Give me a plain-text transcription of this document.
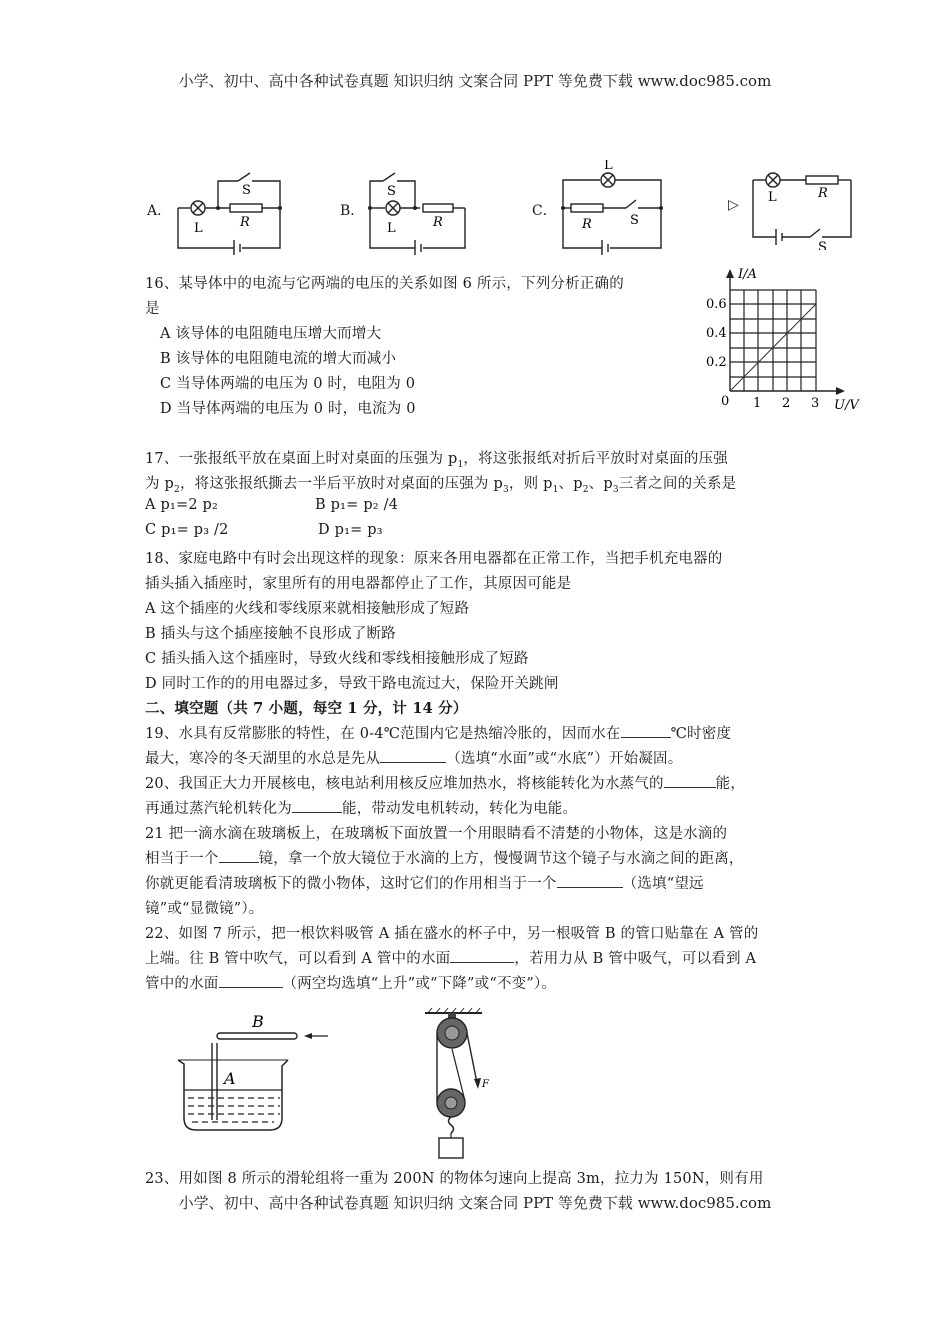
小学、初中、高中各种试卷真题 知识归纳 文案合同 PPT 等免费下载 www.doc985.com
A．
L	R
S
B．
L	R
S
C．
L
R	S
▷ L	R
S
16、某导体中的电流与它两端的电压的关系如图 6 所示，下列分析正确的
是
A 该导体的电阻随电压增大而增大
B 该导体的电阻随电流的增大而减小
C 当导体两端的电压为 0 时，电阻为 0
D 当导体两端的电压为 0 时，电流为 0
I/A
0.6
0.4
0.2
0 1 2 3 U/V
17、一张报纸平放在桌面上时对桌面的压强为 $p_1$，将这张报纸对折后平放时对桌面的压强
为 $p_2$，将这张报纸撕去一半后平放时对桌面的压强为 $p_3$，则 $p_1$、$p_2$、$p_3$三者之间的关系是
A p₁=2 p₂	B p₁= p₂ /4
C p₁= p₃ /2	D p₁= p₃
18、家庭电路中有时会出现这样的现象：原来各用电器都在正常工作，当把手机充电器的
插头插入插座时，家里所有的用电器都停止了工作，其原因可能是
A 这个插座的火线和零线原来就相接触形成了短路
B 插头与这个插座接触不良形成了断路
C 插头插入这个插座时，导致火线和零线相接触形成了短路
D 同时工作的的用电器过多，导致干路电流过大，保险开关跳闸
二、填空题（共 7 小题，每空 1 分，计 14 分）
19、水具有反常膨胀的特性，在 0-4℃范围内它是热缩冷胀的，因而水在	℃时密度
最大，寒冷的冬天湖里的水总是先从	（选填“水面”或“水底”）开始凝固。
20、我国正大力开展核电，核电站利用核反应堆加热水，将核能转化为水蒸气的	能，
再通过蒸汽轮机转化为	能，带动发电机转动，转化为电能。
21 把一滴水滴在玻璃板上，在玻璃板下面放置一个用眼睛看不清楚的小物体，这是水滴的
相当于一个	镜，拿一个放大镜位于水滴的上方，慢慢调节这个镜子与水滴之间的距离，
你就更能看清玻璃板下的微小物体，这时它们的作用相当于一个	（选填“望远
镜”或“显微镜”）。
22、如图 7 所示，把一根饮料吸管 A 插在盛水的杯子中，另一根吸管 B 的管口贴靠在 A 管的
上端。往 B 管中吹气，可以看到 A 管中的水面	，若用力从 B 管中吸气，可以看到 A
管中的水面	（两空均选填“上升”或“下降”或“不变”）。
B
A	F
23、用如图 8 所示的滑轮组将一重为 200N 的物体匀速向上提高 3m，拉力为 150N，则有用
小学、初中、高中各种试卷真题 知识归纳 文案合同 PPT 等免费下载 www.doc985.com
